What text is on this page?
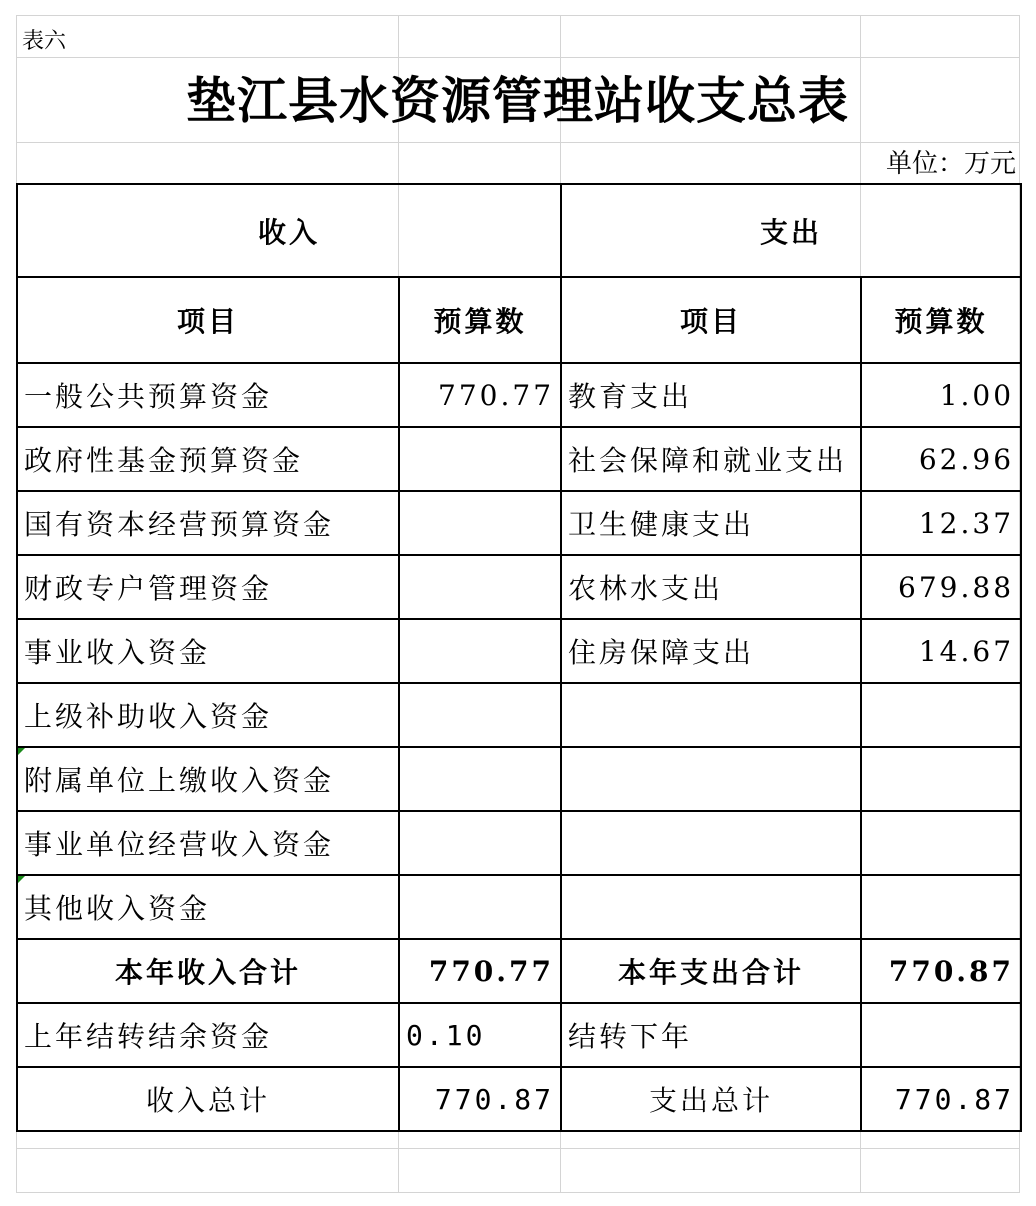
表六
垫江县水资源管理站收支总表
单位：万元
收入		支出	
项目	预算数	项目	预算数
一般公共预算资金	770.77	教育支出	1.00
政府性基金预算资金		社会保障和就业支出	62.96
国有资本经营预算资金		卫生健康支出	12.37
财政专户管理资金		农林水支出	679.88
事业收入资金		住房保障支出	14.67
上级补助收入资金			
附属单位上缴收入资金			
事业单位经营收入资金			
其他收入资金			
本年收入合计	770.77	本年支出合计	770.87
上年结转结余资金	0.10	结转下年	
收入总计	770.87	支出总计	770.87
